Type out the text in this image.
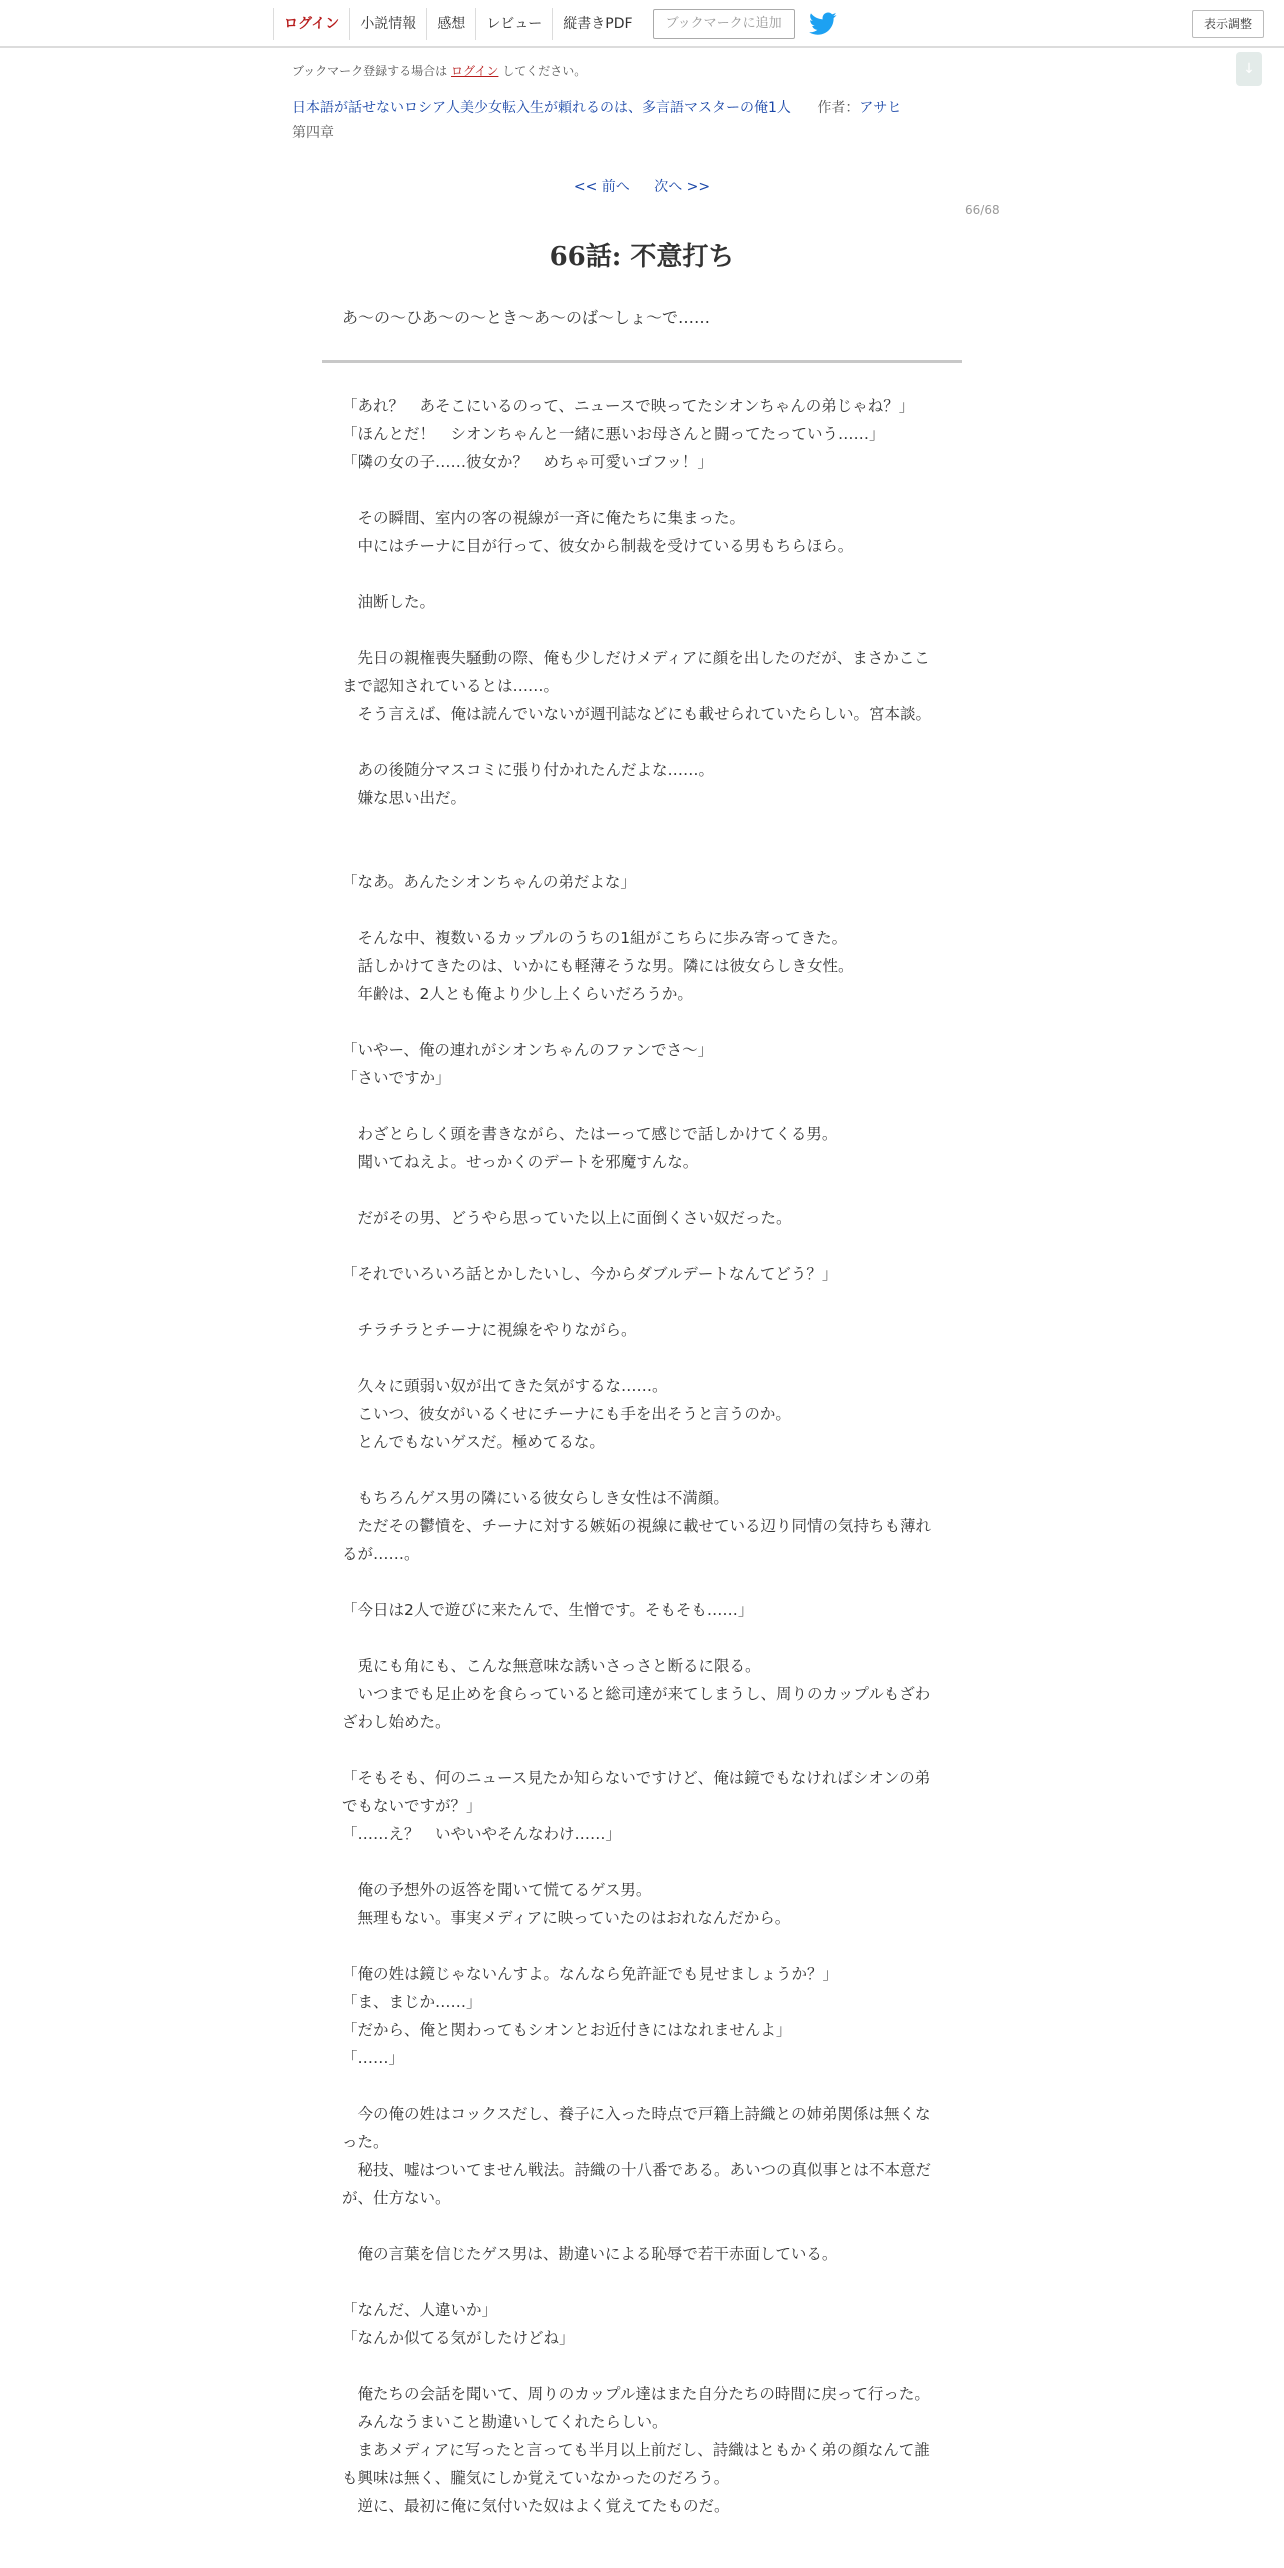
ログイン	小説情報	感想	レビュー	縦書きPDF	ブックマークに追加	表示調整
↓
ブックマーク登録する場合は ログイン してください。
日本語が話せないロシア人美少女転入生が頼れるのは、多言語マスターの俺1人 作者：アサヒ
第四章
<< 前へ 次へ >>
66/68
66話: 不意打ち
あ〜の〜ひあ〜の〜とき〜あ〜のば〜しょ〜で……

「あれ？　あそこにいるのって、ニュースで映ってたシオンちゃんの弟じゃね？」

「ほんとだ！　シオンちゃんと一緒に悪いお母さんと闘ってたっていう……」

「隣の女の子……彼女か？　めちゃ可愛いゴフッ！」

　その瞬間、室内の客の視線が一斉に俺たちに集まった。

　中にはチーナに目が行って、彼女から制裁を受けている男もちらほら。

　油断した。

　先日の親権喪失騒動の際、俺も少しだけメディアに顔を出したのだが、まさかここまで認知されているとは……。

　そう言えば、俺は読んでいないが週刊誌などにも載せられていたらしい。宮本談。

　あの後随分マスコミに張り付かれたんだよな……。

　嫌な思い出だ。

「なあ。あんたシオンちゃんの弟だよな」

　そんな中、複数いるカップルのうちの1組がこちらに歩み寄ってきた。

　話しかけてきたのは、いかにも軽薄そうな男。隣には彼女らしき女性。

　年齢は、2人とも俺より少し上くらいだろうか。

「いやー、俺の連れがシオンちゃんのファンでさ〜」

「さいですか」

　わざとらしく頭を書きながら、たはーって感じで話しかけてくる男。

　聞いてねえよ。せっかくのデートを邪魔すんな。

　だがその男、どうやら思っていた以上に面倒くさい奴だった。

「それでいろいろ話とかしたいし、今からダブルデートなんてどう？」

　チラチラとチーナに視線をやりながら。

　久々に頭弱い奴が出てきた気がするな……。

　こいつ、彼女がいるくせにチーナにも手を出そうと言うのか。

　とんでもないゲスだ。極めてるな。

　もちろんゲス男の隣にいる彼女らしき女性は不満顔。

　ただその鬱憤を、チーナに対する嫉妬の視線に載せている辺り同情の気持ちも薄れるが……。

「今日は2人で遊びに来たんで、生憎です。そもそも……」

　兎にも角にも、こんな無意味な誘いさっさと断るに限る。

　いつまでも足止めを食らっていると総司達が来てしまうし、周りのカップルもざわざわし始めた。

「そもそも、何のニュース見たか知らないですけど、俺は鏡でもなければシオンの弟でもないですが？」

「……え？　いやいやそんなわけ……」

　俺の予想外の返答を聞いて慌てるゲス男。

　無理もない。事実メディアに映っていたのはおれなんだから。

「俺の姓は鏡じゃないんすよ。なんなら免許証でも見せましょうか？」

「ま、まじか……」

「だから、俺と関わってもシオンとお近付きにはなれませんよ」

「……」

　今の俺の姓はコックスだし、養子に入った時点で戸籍上詩織との姉弟関係は無くなった。

　秘技、嘘はついてません戦法。詩織の十八番である。あいつの真似事とは不本意だが、仕方ない。

　俺の言葉を信じたゲス男は、勘違いによる恥辱で若干赤面している。

「なんだ、人違いか」

「なんか似てる気がしたけどね」

　俺たちの会話を聞いて、周りのカップル達はまた自分たちの時間に戻って行った。

　みんなうまいこと勘違いしてくれたらしい。

　まあメディアに写ったと言っても半月以上前だし、詩織はともかく弟の顔なんて誰も興味は無く、朧気にしか覚えていなかったのだろう。

　逆に、最初に俺に気付いた奴はよく覚えてたものだ。
